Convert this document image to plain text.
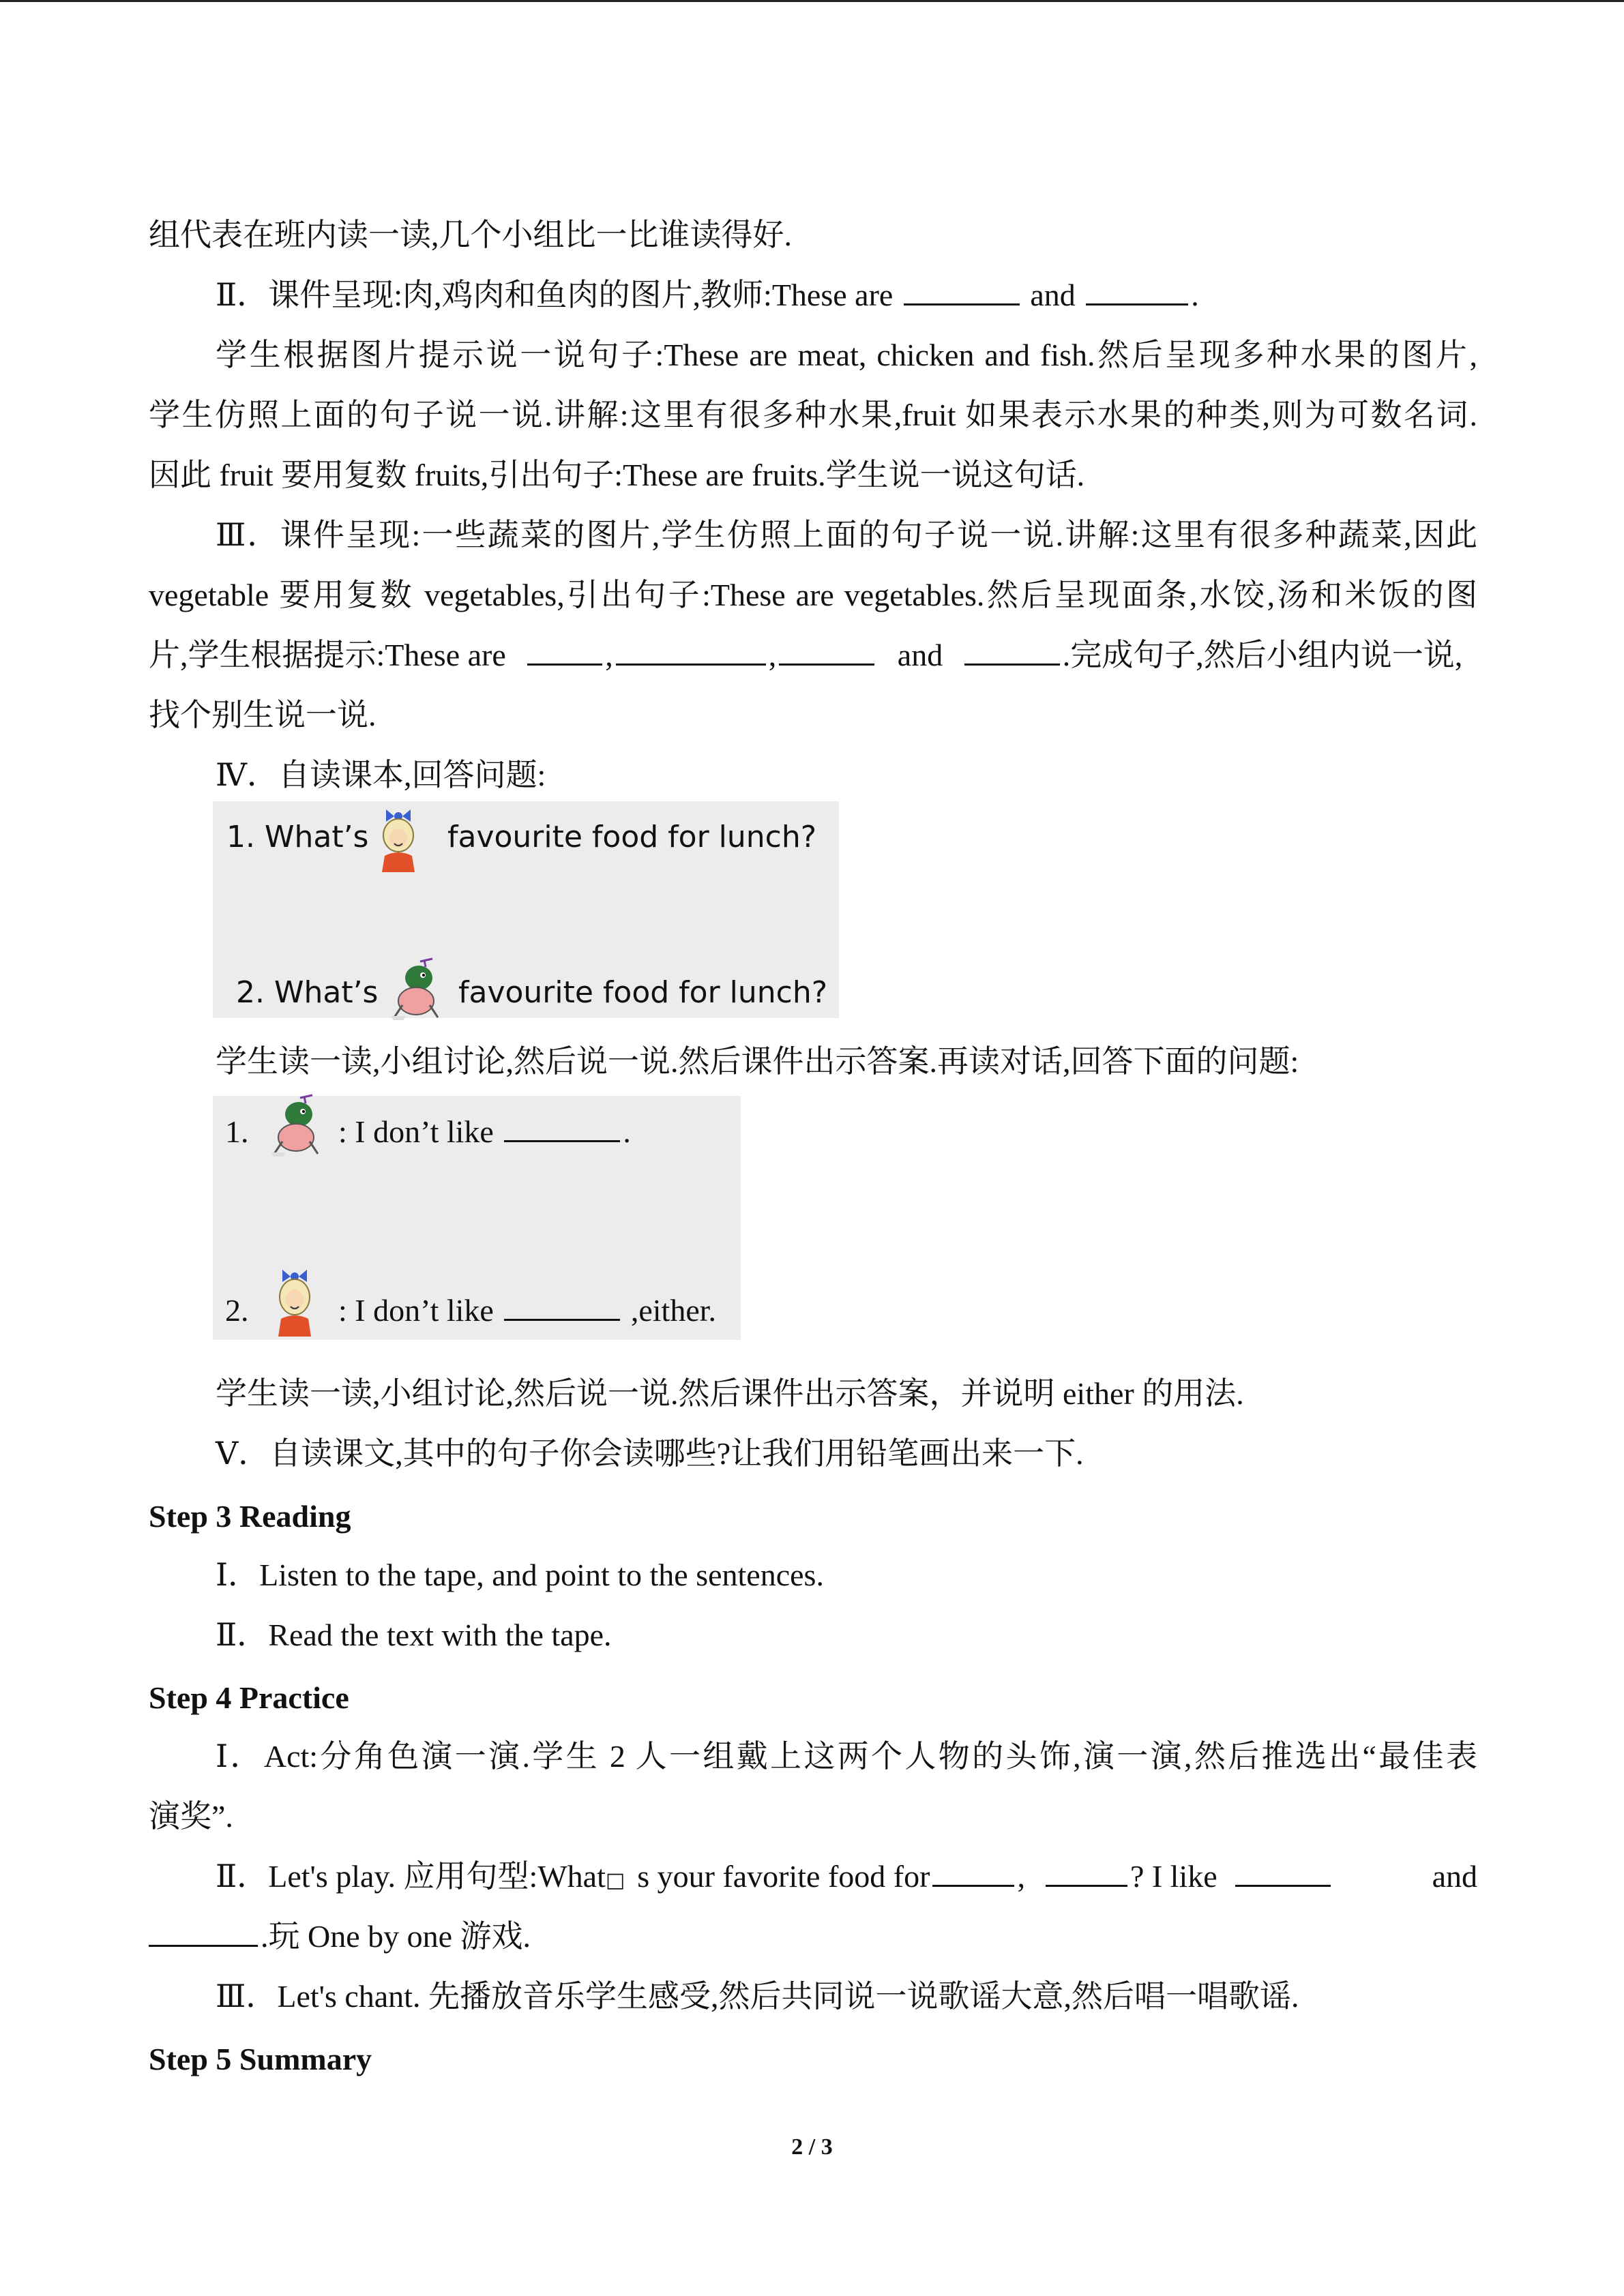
组代表在班内读一读,几个小组比一比谁读得好.
Ⅱ．课件呈现:肉,鸡肉和鱼肉的图片,教师:These are	and	.
学生根据图片提示说一说句子:These are meat, chicken and fish.然后呈现多种水果的图片,
学生仿照上面的句子说一说.讲解:这里有很多种水果,fruit 如果表示水果的种类,则为可数名词.
因此 fruit 要用复数 fruits,引出句子:These are fruits.学生说一说这句话.
Ⅲ．课件呈现:一些蔬菜的图片,学生仿照上面的句子说一说.讲解:这里有很多种蔬菜,因此
vegetable 要用复数 vegetables,引出句子:These are vegetables.然后呈现面条,水饺,汤和米饭的图
片,学生根据提示:These are	,	,	and	.完成句子,然后小组内说一说,
找个别生说一说.
Ⅳ．自读课本,回答问题:
1. What’s	favourite food for lunch?
2. What’s	favourite food for lunch?
学生读一读,小组讨论,然后说一说.然后课件出示答案.再读对话,回答下面的问题:
1.	: I don’t like	.
2.	: I don’t like	,either.
学生读一读,小组讨论,然后说一说.然后课件出示答案，并说明 either 的用法.
Ⅴ．自读课文,其中的句子你会读哪些?让我们用铅笔画出来一下.
Step 3 Reading
Ⅰ．Listen to the tape, and point to the sentences.
Ⅱ．Read the text with the tape.
Step 4 Practice
Ⅰ．Act:分角色演一演.学生 2 人一组戴上这两个人物的头饰,演一演,然后推选出“最佳表
演奖”.
Ⅱ．Let's play. 应用句型:What □ s your favorite food for	,	? I like	and
.玩 One by one 游戏.
Ⅲ．Let's chant. 先播放音乐学生感受,然后共同说一说歌谣大意,然后唱一唱歌谣.
Step 5 Summary
2 / 3
